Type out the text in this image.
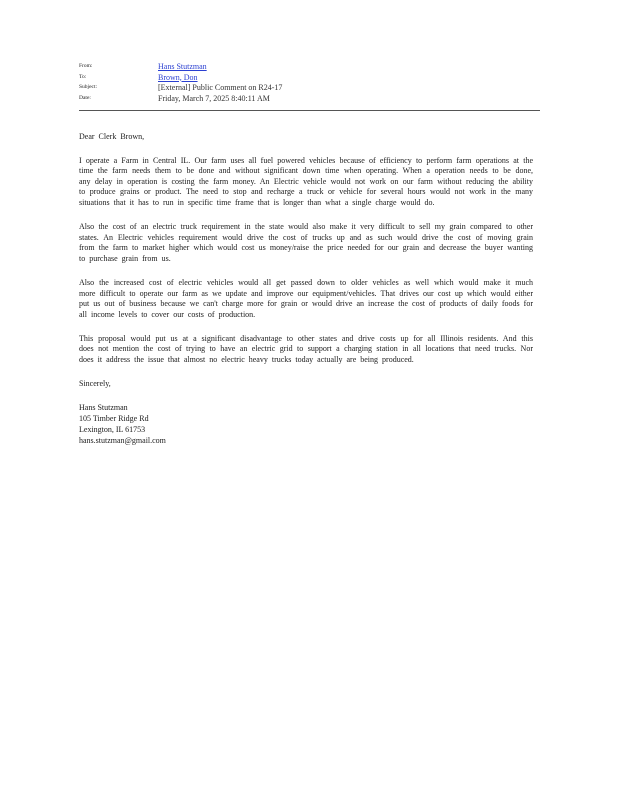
From:	Hans Stutzman
To:	Brown, Don
Subject:	[External] Public Comment on R24-17
Date:	Friday, March 7, 2025 8:40:11 AM

Dear Clerk Brown,

I operate a Farm in Central IL. Our farm uses all fuel powered vehicles because of efficiency to perform farm operations at the time the farm needs them to be done and without significant down time when operating. When a operation needs to be done, any delay in operation is costing the farm money. An Electric vehicle would not work on our farm without reducing the ability to produce grains or product. The need to stop and recharge a truck or vehicle for several hours would not work in the many situations that it has to run in specific time frame that is longer than what a single charge would do.

Also the cost of an electric truck requirement in the state would also make it very difficult to sell my grain compared to other states. An Electric vehicles requirement would drive the cost of trucks up and as such would drive the cost of moving grain from the farm to market higher which would cost us money/raise the price needed for our grain and decrease the buyer wanting to purchase grain from us.

Also the increased cost of electric vehicles would all get passed down to older vehicles as well which would make it much more difficult to operate our farm as we update and improve our equipment/vehicles. That drives our cost up which would either put us out of business because we can't charge more for grain or would drive an increase the cost of products of daily foods for all income levels to cover our costs of production.

This proposal would put us at a significant disadvantage to other states and drive costs up for all Illinois residents. And this does not mention the cost of trying to have an electric grid to support a charging station in all locations that need trucks. Nor does it address the issue that almost no electric heavy trucks today actually are being produced.

Sincerely,

Hans Stutzman
105 Timber Ridge Rd
Lexington, IL 61753
hans.stutzman@gmail.com
